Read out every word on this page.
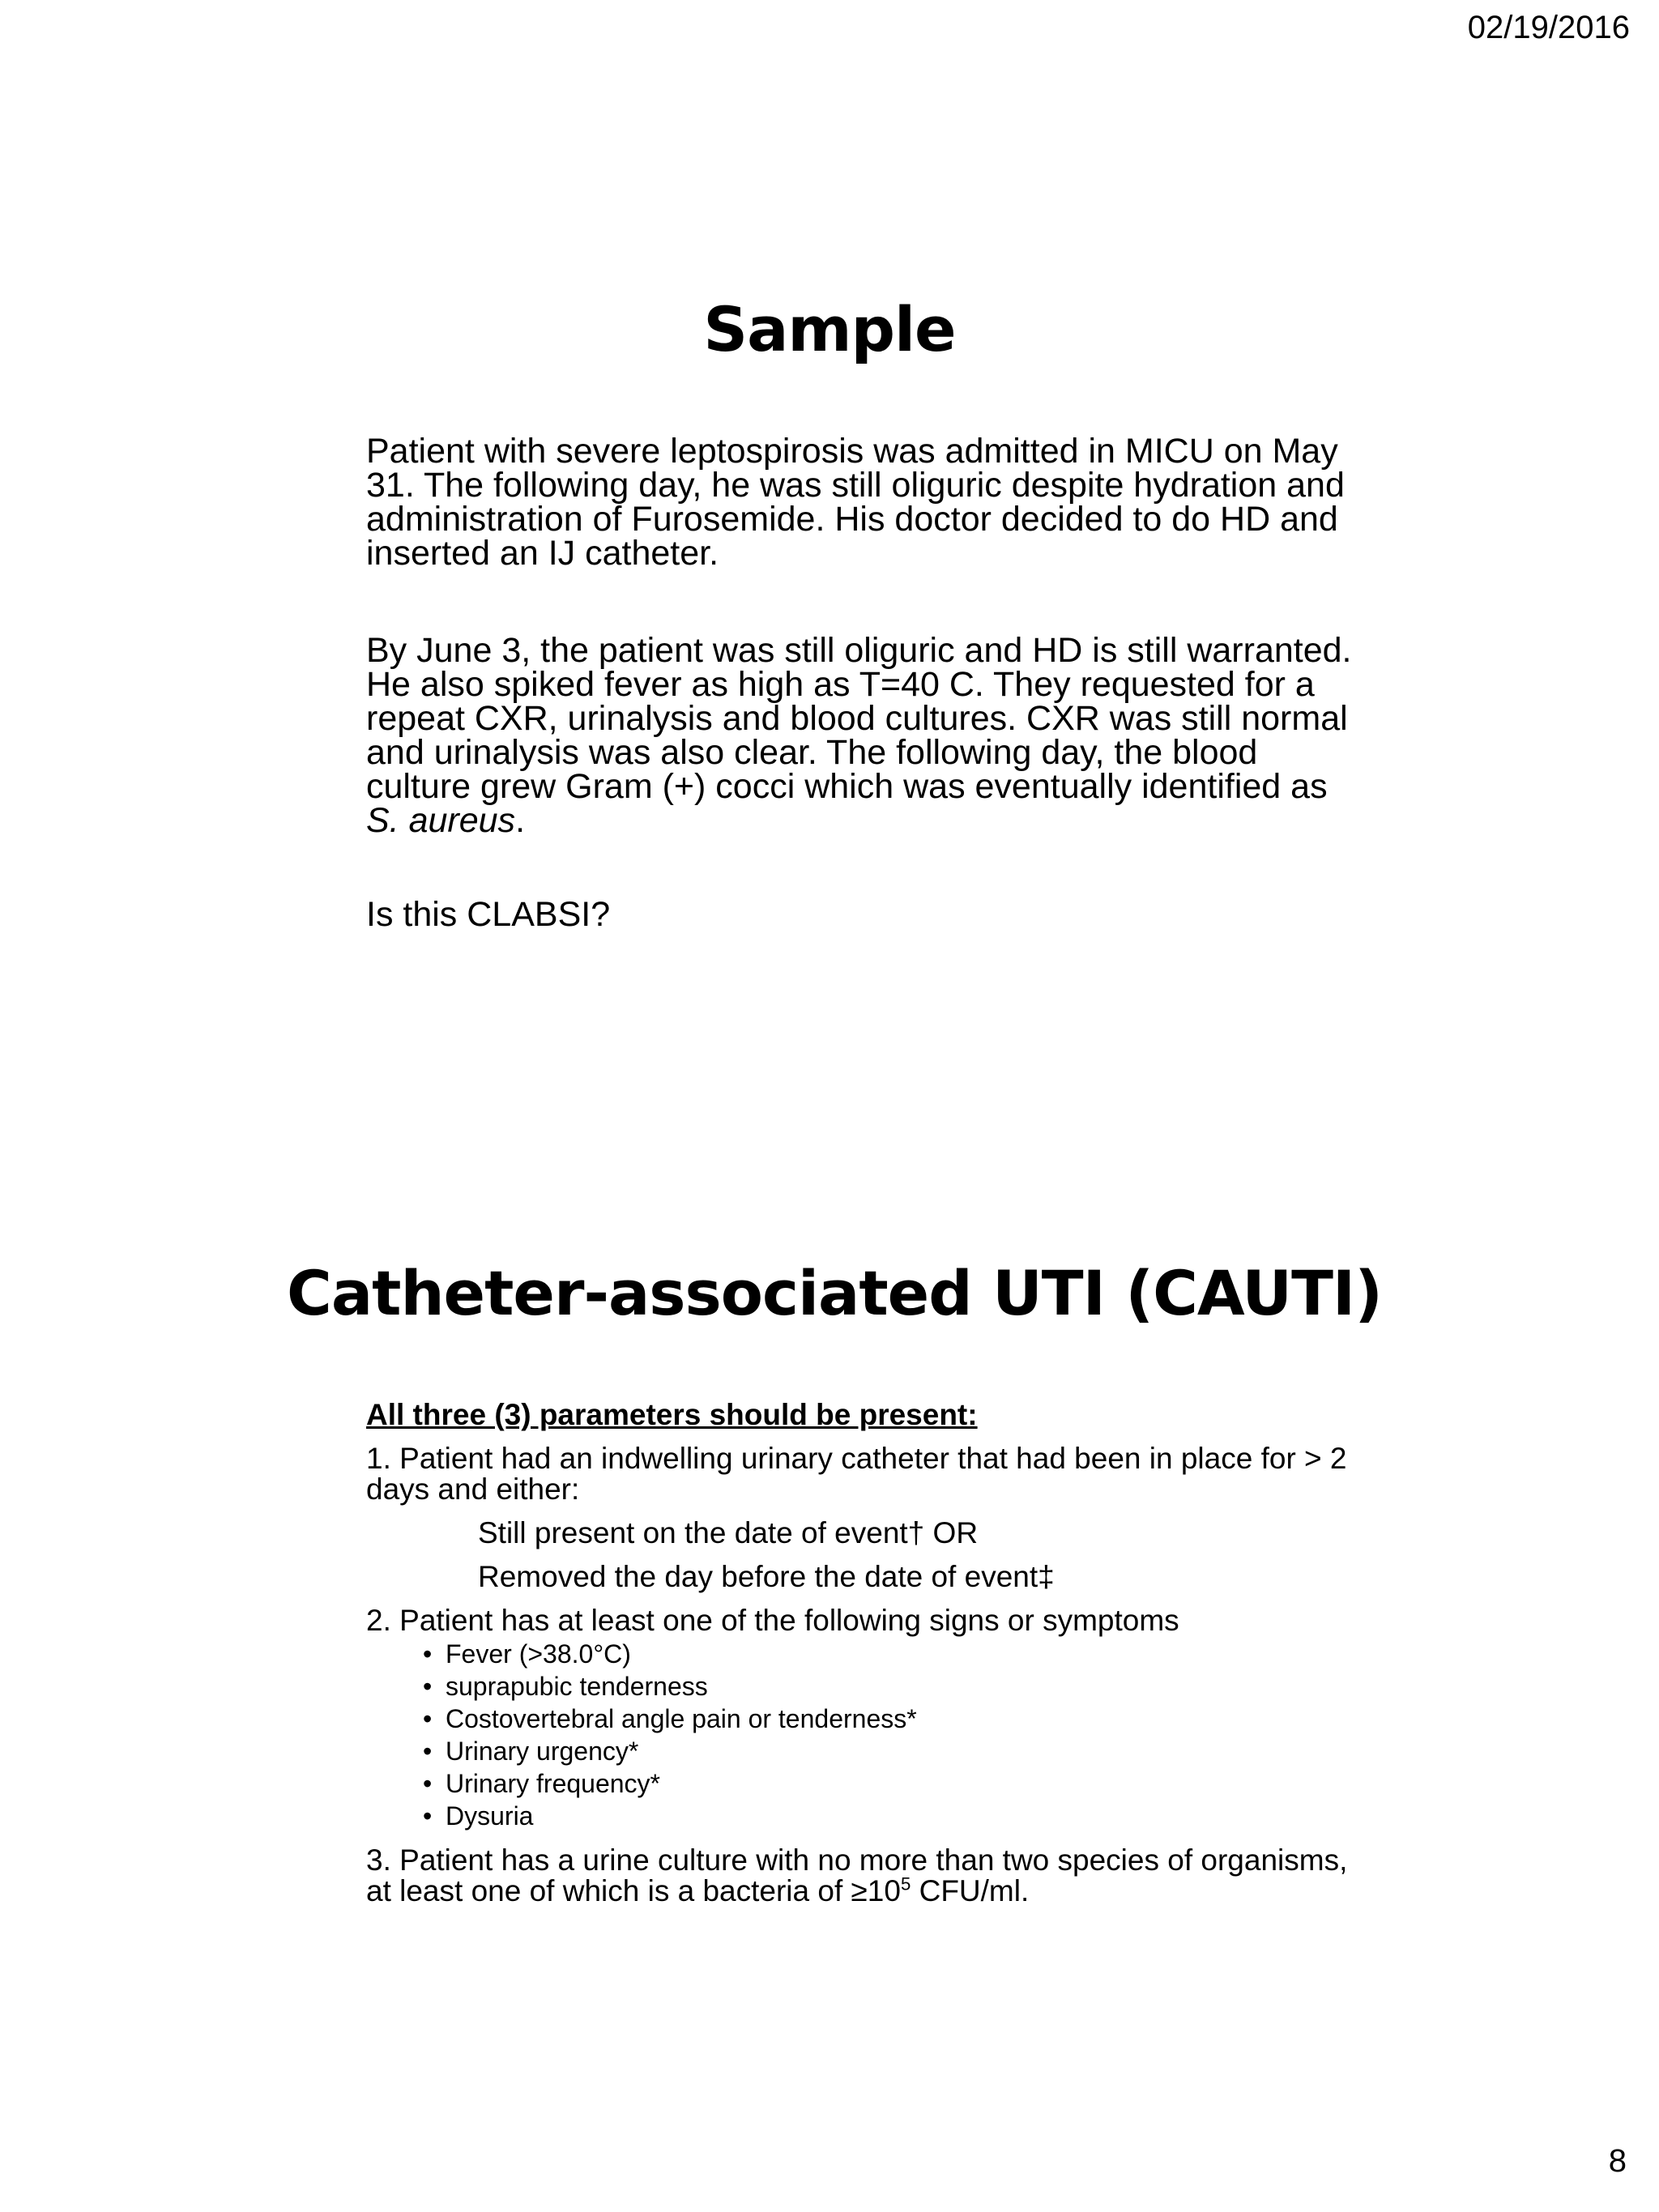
02/19/2016
Sample
Patient with severe leptospirosis was admitted in MICU on May 31. The following day, he was still oliguric despite hydration and administration of Furosemide. His doctor decided to do HD and inserted an IJ catheter.
By June 3, the patient was still oliguric and HD is still warranted. He also spiked fever as high as T=40 C. They requested for a repeat CXR, urinalysis and blood cultures. CXR was still normal and urinalysis was also clear. The following day, the blood culture grew Gram (+) cocci which was eventually identified as S. aureus.
Is this CLABSI?
Catheter-associated UTI (CAUTI)
All three (3) parameters should be present:
1. Patient had an indwelling urinary catheter that had been in place for > 2 days and either:
Still present on the date of event† OR
Removed the day before the date of event‡
2. Patient has at least one of the following signs or symptoms
• Fever (>38.0°C)
• suprapubic tenderness
• Costovertebral angle pain or tenderness*
• Urinary urgency*
• Urinary frequency*
• Dysuria
3. Patient has a urine culture with no more than two species of organisms, at least one of which is a bacteria of $\ge 10^5$ CFU/ml.
8
